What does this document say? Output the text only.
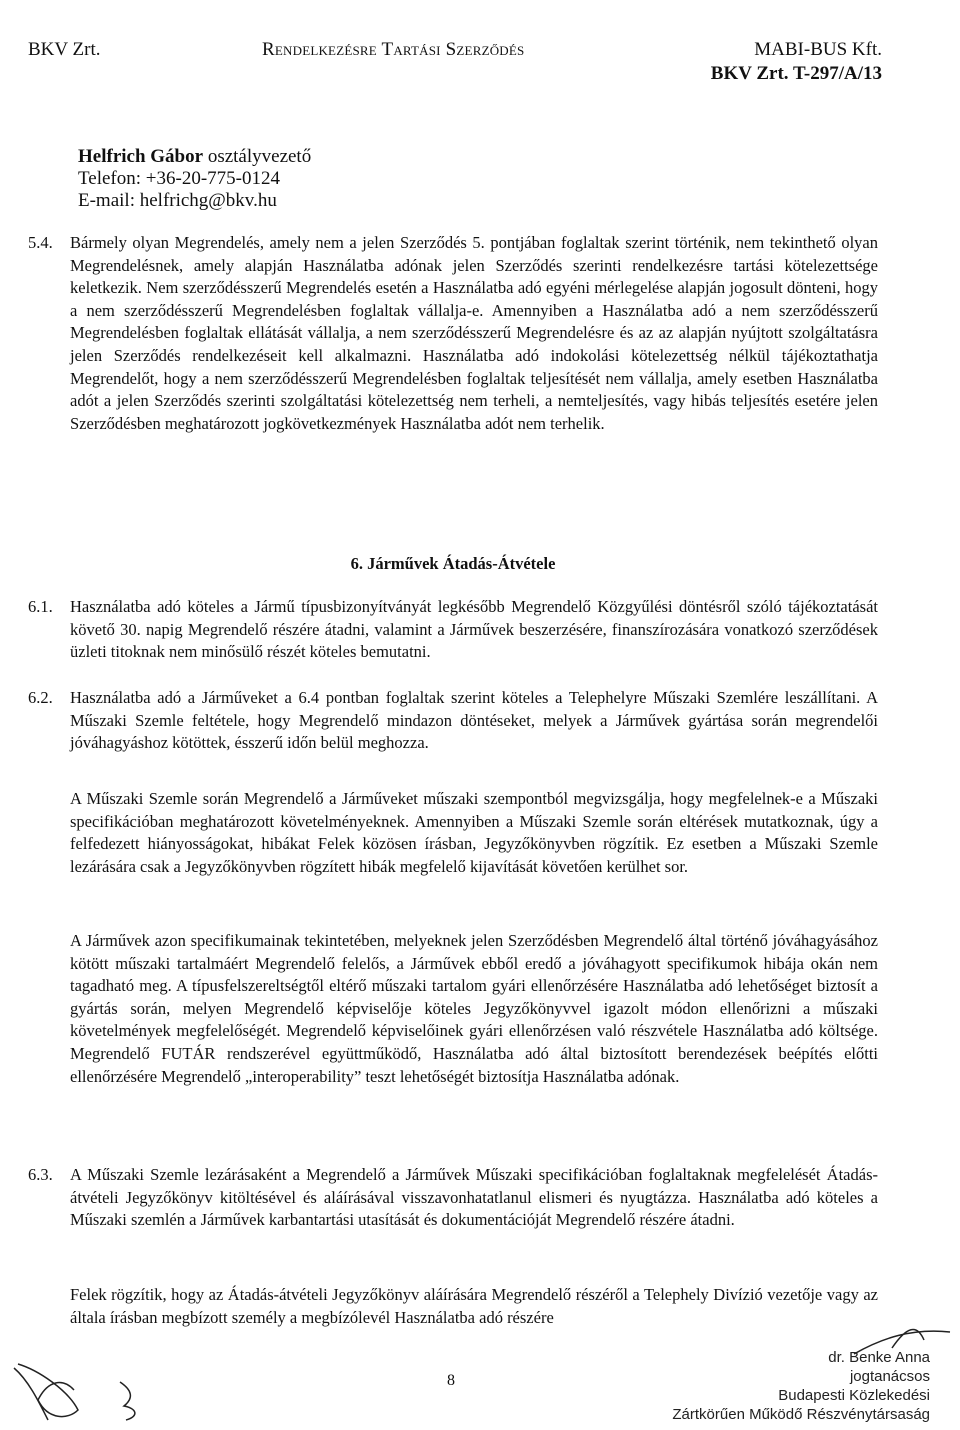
BKV Zrt.	Rendelkezésre Tartási Szerződés	MABI-BUS Kft.
BKV Zrt. T-297/A/13
Helfrich Gábor osztályvezető
Telefon: +36-20-775-0124
E-mail: helfrichg@bkv.hu
5.4. Bármely olyan Megrendelés, amely nem a jelen Szerződés 5. pontjában foglaltak szerint történik, nem tekinthető olyan Megrendelésnek, amely alapján Használatba adónak jelen Szerződés szerinti rendelkezésre tartási kötelezettsége keletkezik. Nem szerződésszerű Megrendelés esetén a Használatba adó egyéni mérlegelése alapján jogosult dönteni, hogy a nem szerződésszerű Megrendelésben foglaltak vállalja-e. Amennyiben a Használatba adó a nem szerződésszerű Megrendelésben foglaltak ellátását vállalja, a nem szerződésszerű Megrendelésre és az az alapján nyújtott szolgáltatásra jelen Szerződés rendelkezéseit kell alkalmazni. Használatba adó indokolási kötelezettség nélkül tájékoztathatja Megrendelőt, hogy a nem szerződésszerű Megrendelésben foglaltak teljesítését nem vállalja, amely esetben Használatba adót a jelen Szerződés szerinti szolgáltatási kötelezettség nem terheli, a nemteljesítés, vagy hibás teljesítés esetére jelen Szerződésben meghatározott jogkövetkezmények Használatba adót nem terhelik.

6. Járművek Átadás-Átvétele

6.1. Használatba adó köteles a Jármű típusbizonyítványát legkésőbb Megrendelő Közgyűlési döntésről szóló tájékoztatását követő 30. napig Megrendelő részére átadni, valamint a Járművek beszerzésére, finanszírozására vonatkozó szerződések üzleti titoknak nem minősülő részét köteles bemutatni.
6.2. Használatba adó a Járműveket a 6.4 pontban foglaltak szerint köteles a Telephelyre Műszaki Szemlére leszállítani. A Műszaki Szemle feltétele, hogy Megrendelő mindazon döntéseket, melyek a Járművek gyártása során megrendelői jóváhagyáshoz kötöttek, ésszerű időn belül meghozza.
A Műszaki Szemle során Megrendelő a Járműveket műszaki szempontból megvizsgálja, hogy megfelelnek-e a Műszaki specifikációban meghatározott követelményeknek. Amennyiben a Műszaki Szemle során eltérések mutatkoznak, úgy a felfedezett hiányosságokat, hibákat Felek közösen írásban, Jegyzőkönyvben rögzítik. Ez esetben a Műszaki Szemle lezárására csak a Jegyzőkönyvben rögzített hibák megfelelő kijavítását követően kerülhet sor.
A Járművek azon specifikumainak tekintetében, melyeknek jelen Szerződésben Megrendelő által történő jóváhagyásához kötött műszaki tartalmáért Megrendelő felelős, a Járművek ebből eredő a jóváhagyott specifikumok hibája okán nem tagadható meg. A típusfelszereltségtől eltérő műszaki tartalom gyári ellenőrzésére Használatba adó lehetőséget biztosít a gyártás során, melyen Megrendelő képviselője köteles Jegyzőkönyvvel igazolt módon ellenőrizni a műszaki követelmények megfelelőségét. Megrendelő képviselőinek gyári ellenőrzésen való részvétele Használatba adó költsége. Megrendelő FUTÁR rendszerével együttműködő, Használatba adó által biztosított berendezések beépítés előtti ellenőrzésére Megrendelő „interoperability” teszt lehetőségét biztosítja Használatba adónak.
6.3. A Műszaki Szemle lezárásaként a Megrendelő a Járművek Műszaki specifikációban foglaltaknak megfelelését Átadás-átvételi Jegyzőkönyv kitöltésével és aláírásával visszavonhatatlanul elismeri és nyugtázza. Használatba adó köteles a Műszaki szemlén a Járművek karbantartási utasítását és dokumentációját Megrendelő részére átadni.
Felek rögzítik, hogy az Átadás-átvételi Jegyzőkönyv aláírására Megrendelő részéről a Telephely Divízió vezetője vagy az általa írásban megbízott személy a megbízólevél Használatba adó részére
8
dr. Benke Anna
jogtanácsos
Budapesti Közlekedési
Zártkörűen Működő Részvénytársaság
